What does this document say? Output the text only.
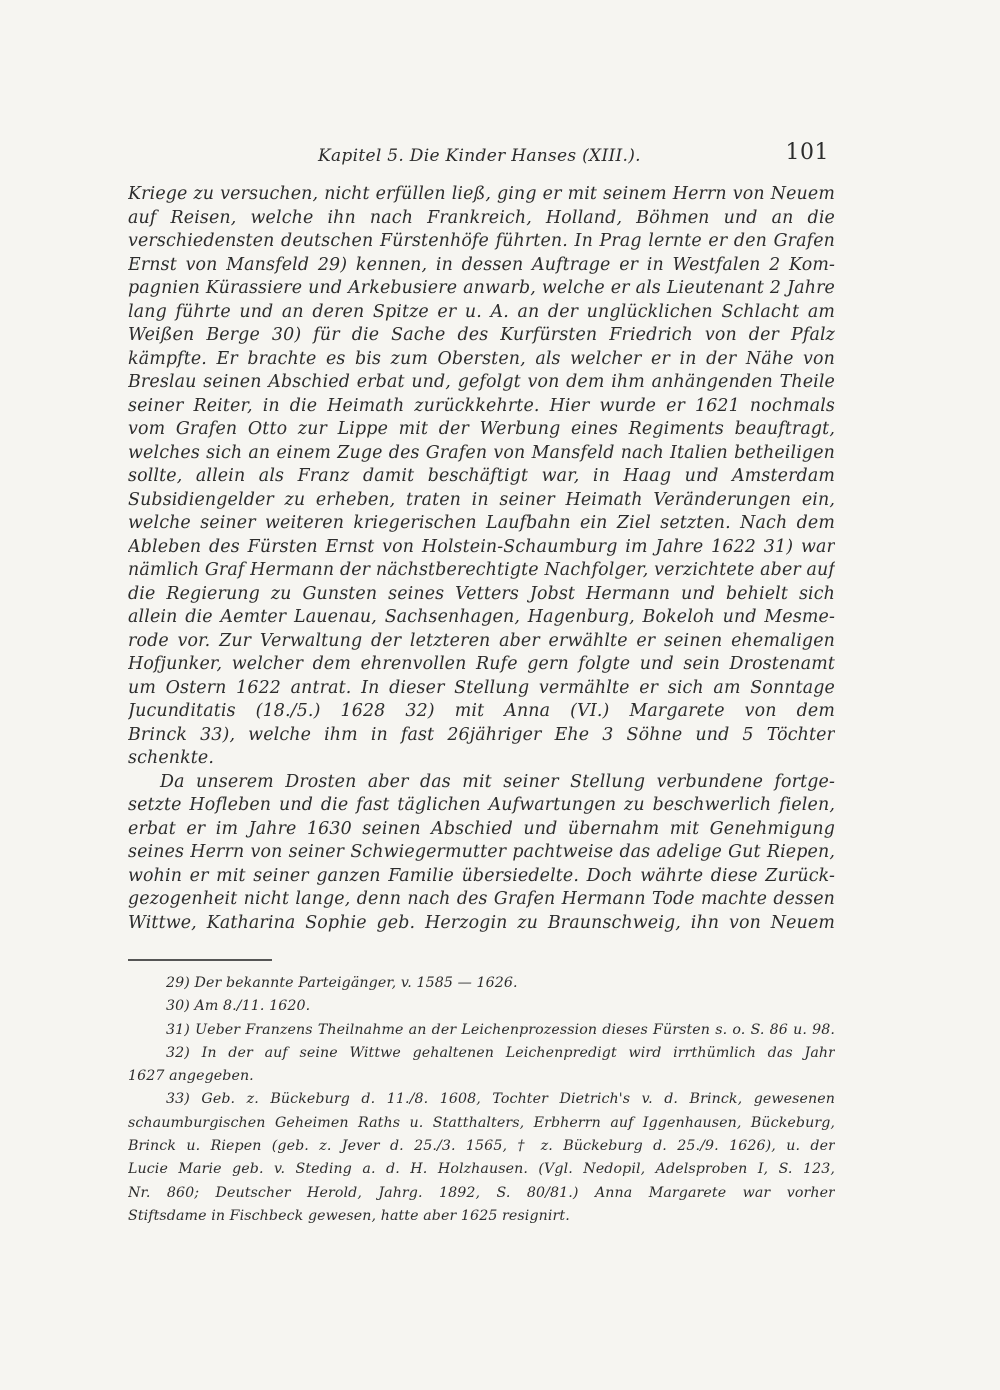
Kapitel 5. Die Kinder Hanses (XIII.).	101
Kriege zu versuchen, nicht erfüllen ließ, ging er mit seinem Herrn von Neuem
auf Reisen, welche ihn nach Frankreich, Holland, Böhmen und an die
verschiedensten deutschen Fürstenhöfe führten. In Prag lernte er den Grafen
Ernst von Mansfeld 29) kennen, in dessen Auftrage er in Westfalen 2 Kom-
pagnien Kürassiere und Arkebusiere anwarb, welche er als Lieutenant 2 Jahre
lang führte und an deren Spitze er u. A. an der unglücklichen Schlacht am
Weißen Berge 30) für die Sache des Kurfürsten Friedrich von der Pfalz
kämpfte. Er brachte es bis zum Obersten, als welcher er in der Nähe von
Breslau seinen Abschied erbat und, gefolgt von dem ihm anhängenden Theile
seiner Reiter, in die Heimath zurückkehrte. Hier wurde er 1621 nochmals
vom Grafen Otto zur Lippe mit der Werbung eines Regiments beauftragt,
welches sich an einem Zuge des Grafen von Mansfeld nach Italien betheiligen
sollte, allein als Franz damit beschäftigt war, in Haag und Amsterdam
Subsidiengelder zu erheben, traten in seiner Heimath Veränderungen ein,
welche seiner weiteren kriegerischen Laufbahn ein Ziel setzten. Nach dem
Ableben des Fürsten Ernst von Holstein-Schaumburg im Jahre 1622 31) war
nämlich Graf Hermann der nächstberechtigte Nachfolger, verzichtete aber auf
die Regierung zu Gunsten seines Vetters Jobst Hermann und behielt sich
allein die Aemter Lauenau, Sachsenhagen, Hagenburg, Bokeloh und Mesme-
rode vor. Zur Verwaltung der letzteren aber erwählte er seinen ehemaligen
Hofjunker, welcher dem ehrenvollen Rufe gern folgte und sein Drostenamt
um Ostern 1622 antrat. In dieser Stellung vermählte er sich am Sonntage
Jucunditatis (18./5.) 1628 32) mit Anna (VI.) Margarete von dem
Brinck 33), welche ihm in fast 26jähriger Ehe 3 Söhne und 5 Töchter
schenkte.
Da unserem Drosten aber das mit seiner Stellung verbundene fortge-
setzte Hofleben und die fast täglichen Aufwartungen zu beschwerlich fielen,
erbat er im Jahre 1630 seinen Abschied und übernahm mit Genehmigung
seines Herrn von seiner Schwiegermutter pachtweise das adelige Gut Riepen,
wohin er mit seiner ganzen Familie übersiedelte. Doch währte diese Zurück-
gezogenheit nicht lange, denn nach des Grafen Hermann Tode machte dessen
Wittwe, Katharina Sophie geb. Herzogin zu Braunschweig, ihn von Neuem
29) Der bekannte Parteigänger, v. 1585 — 1626.
30) Am 8./11. 1620.
31) Ueber Franzens Theilnahme an der Leichenprozession dieses Fürsten s. o. S. 86 u. 98.
32) In der auf seine Wittwe gehaltenen Leichenpredigt wird irrthümlich das Jahr
1627 angegeben.
33) Geb. z. Bückeburg d. 11./8. 1608, Tochter Dietrich's v. d. Brinck, gewesenen
schaumburgischen Geheimen Raths u. Statthalters, Erbherrn auf Iggenhausen, Bückeburg,
Brinck u. Riepen (geb. z. Jever d. 25./3. 1565, † z. Bückeburg d. 25./9. 1626), u. der
Lucie Marie geb. v. Steding a. d. H. Holzhausen. (Vgl. Nedopil, Adelsproben I, S. 123,
Nr. 860; Deutscher Herold, Jahrg. 1892, S. 80/81.) Anna Margarete war vorher
Stiftsdame in Fischbeck gewesen, hatte aber 1625 resignirt.
